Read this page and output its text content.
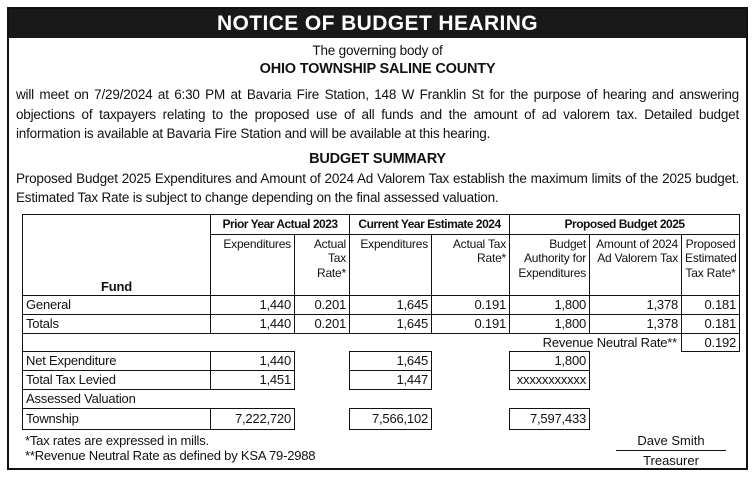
NOTICE OF BUDGET HEARING
The governing body of
OHIO TOWNSHIP SALINE COUNTY

will meet on 7/29/2024 at 6:30 PM at Bavaria Fire Station, 148 W Franklin St for the purpose of hearing and answering objections of taxpayers relating to the proposed use of all funds and the amount of ad valorem tax. Detailed budget information is available at Bavaria Fire Station and will be available at this hearing.

BUDGET SUMMARY

Proposed Budget 2025 Expenditures and Amount of 2024 Ad Valorem Tax establish the maximum limits of the 2025 budget. Estimated Tax Rate is subject to change depending on the final assessed valuation.

Fund	Prior Year Actual 2023		Current Year Estimate 2024		Proposed Budget 2025		
	Expenditures	Actual Tax Rate*	Expenditures	Actual Tax Rate*	Budget Authority for Expenditures	Amount of 2024 Ad Valorem Tax	Proposed Estimated Tax Rate*
General	1,440	0.201	1,645	0.191	1,800	1,378	0.181
Totals	1,440	0.201	1,645	0.191	1,800	1,378	0.181
Revenue Neutral Rate**							0.192
Net Expenditure	1,440		1,645		1,800		
Total Tax Levied	1,451		1,447		xxxxxxxxxxx		
Assessed Valuation							
Township	7,222,720		7,566,102		7,597,433		
*Tax rates are expressed in mills.
**Revenue Neutral Rate as defined by KSA 79-2988
Dave Smith
Treasurer
